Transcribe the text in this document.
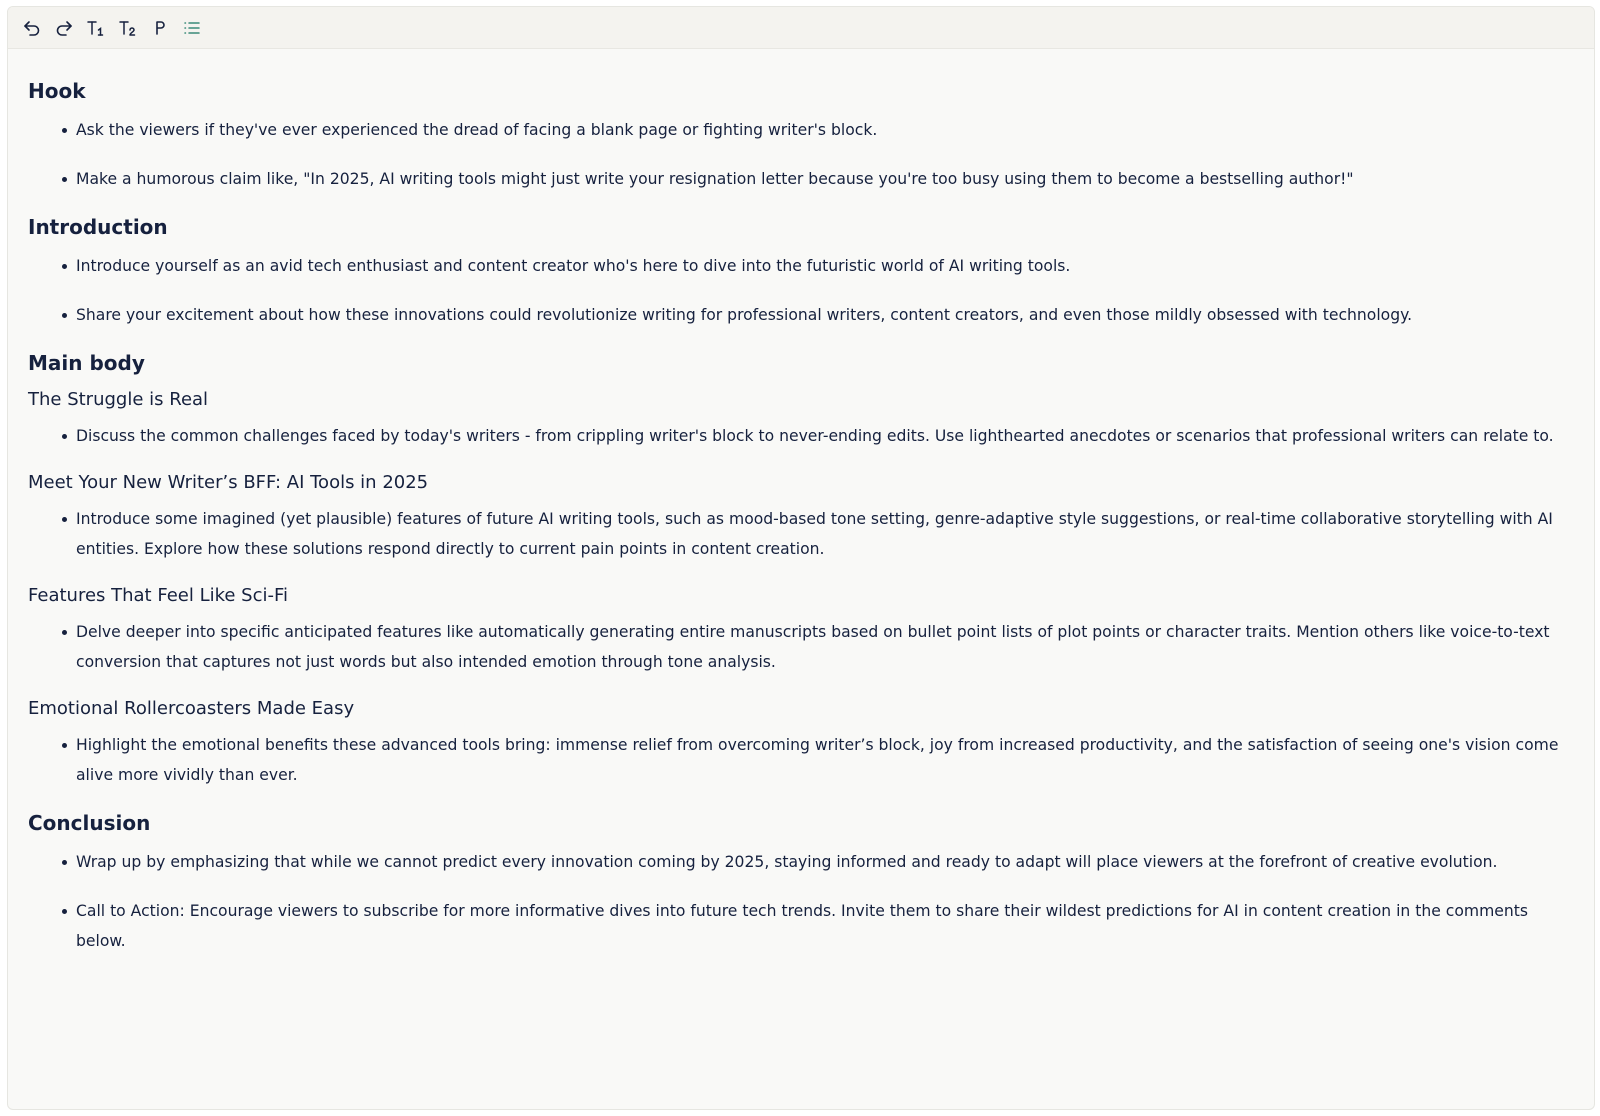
Hook
Ask the viewers if they've ever experienced the dread of facing a blank page or fighting writer's block.
Make a humorous claim like, "In 2025, AI writing tools might just write your resignation letter because you're too busy using them to become a bestselling author!"
Introduction
Introduce yourself as an avid tech enthusiast and content creator who's here to dive into the futuristic world of AI writing tools.
Share your excitement about how these innovations could revolutionize writing for professional writers, content creators, and even those mildly obsessed with technology.
Main body
The Struggle is Real
Discuss the common challenges faced by today's writers - from crippling writer's block to never-ending edits. Use lighthearted anecdotes or scenarios that professional writers can relate to.
Meet Your New Writer’s BFF: AI Tools in 2025
Introduce some imagined (yet plausible) features of future AI writing tools, such as mood-based tone setting, genre-adaptive style suggestions, or real-time collaborative storytelling with AI entities. Explore how these solutions respond directly to current pain points in content creation.
Features That Feel Like Sci-Fi
Delve deeper into specific anticipated features like automatically generating entire manuscripts based on bullet point lists of plot points or character traits. Mention others like voice-to-text conversion that captures not just words but also intended emotion through tone analysis.
Emotional Rollercoasters Made Easy
Highlight the emotional benefits these advanced tools bring: immense relief from overcoming writer’s block, joy from increased productivity, and the satisfaction of seeing one's vision come alive more vividly than ever.
Conclusion
Wrap up by emphasizing that while we cannot predict every innovation coming by 2025, staying informed and ready to adapt will place viewers at the forefront of creative evolution.
Call to Action: Encourage viewers to subscribe for more informative dives into future tech trends. Invite them to share their wildest predictions for AI in content creation in the comments below.
